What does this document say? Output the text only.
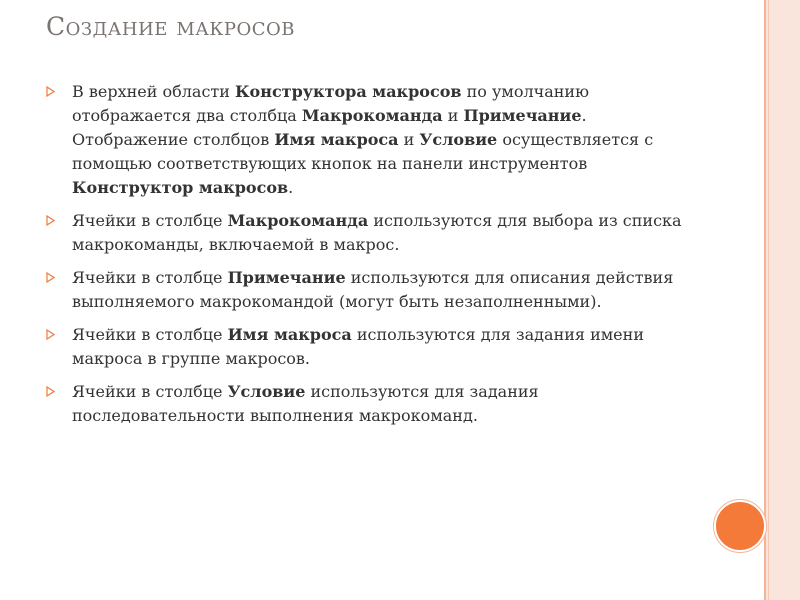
Создание макросов
В верхней области Конструктора макросов по умолчанию отображается два столбца Макрокоманда и Примечание. Отображение столбцов Имя макроса и Условие осуществляется с помощью соответствующих кнопок на панели инструментов Конструктор макросов.
Ячейки в столбце Макрокоманда используются для выбора из списка макрокоманды, включаемой в макрос.
Ячейки в столбце Примечание используются для описания действия выполняемого макрокомандой (могут быть незаполненными).
Ячейки в столбце Имя макроса используются для задания имени макроса в группе макросов.
Ячейки в столбце Условие используются для задания последовательности выполнения макрокоманд.
